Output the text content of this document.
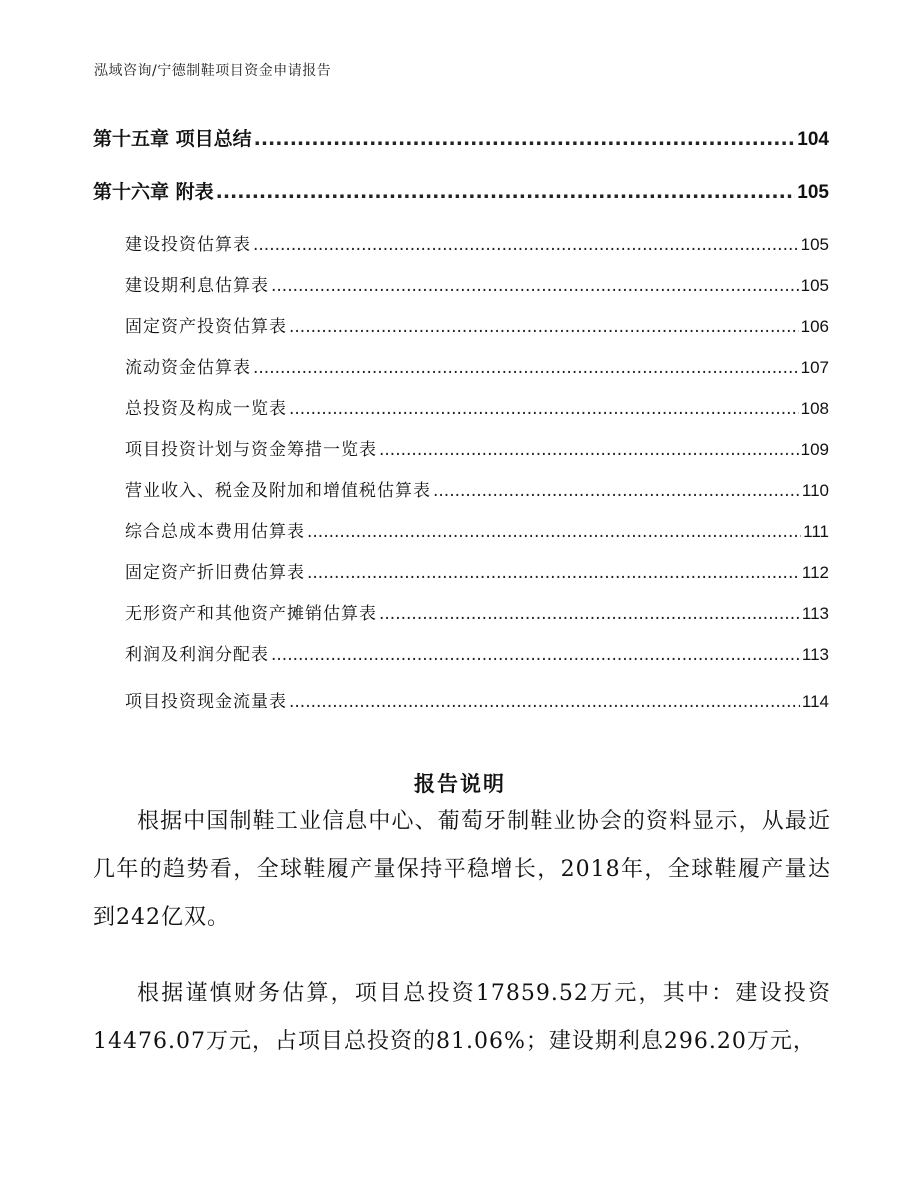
泓域咨询/宁德制鞋项目资金申请报告
第十五章 项目总结 .....	104
第十六章 附表 .....	105
建设投资估算表 .....	105
建设期利息估算表 .....	105
固定资产投资估算表 .....	106
流动资金估算表 .....	107
总投资及构成一览表 .....	108
项目投资计划与资金筹措一览表 .....	109
营业收入、税金及附加和增值税估算表 .....	110
综合总成本费用估算表 .....	111
固定资产折旧费估算表 .....	112
无形资产和其他资产摊销估算表 .....	113
利润及利润分配表 .....	113
项目投资现金流量表 .....	114
报告说明

根据中国制鞋工业信息中心、葡萄牙制鞋业协会的资料显示，从最近几年的趋势看，全球鞋履产量保持平稳增长，2018年，全球鞋履产量达到242亿双。

根据谨慎财务估算，项目总投资17859.52万元，其中：建设投资14476.07万元，占项目总投资的81.06%；建设期利息296.20万元，
